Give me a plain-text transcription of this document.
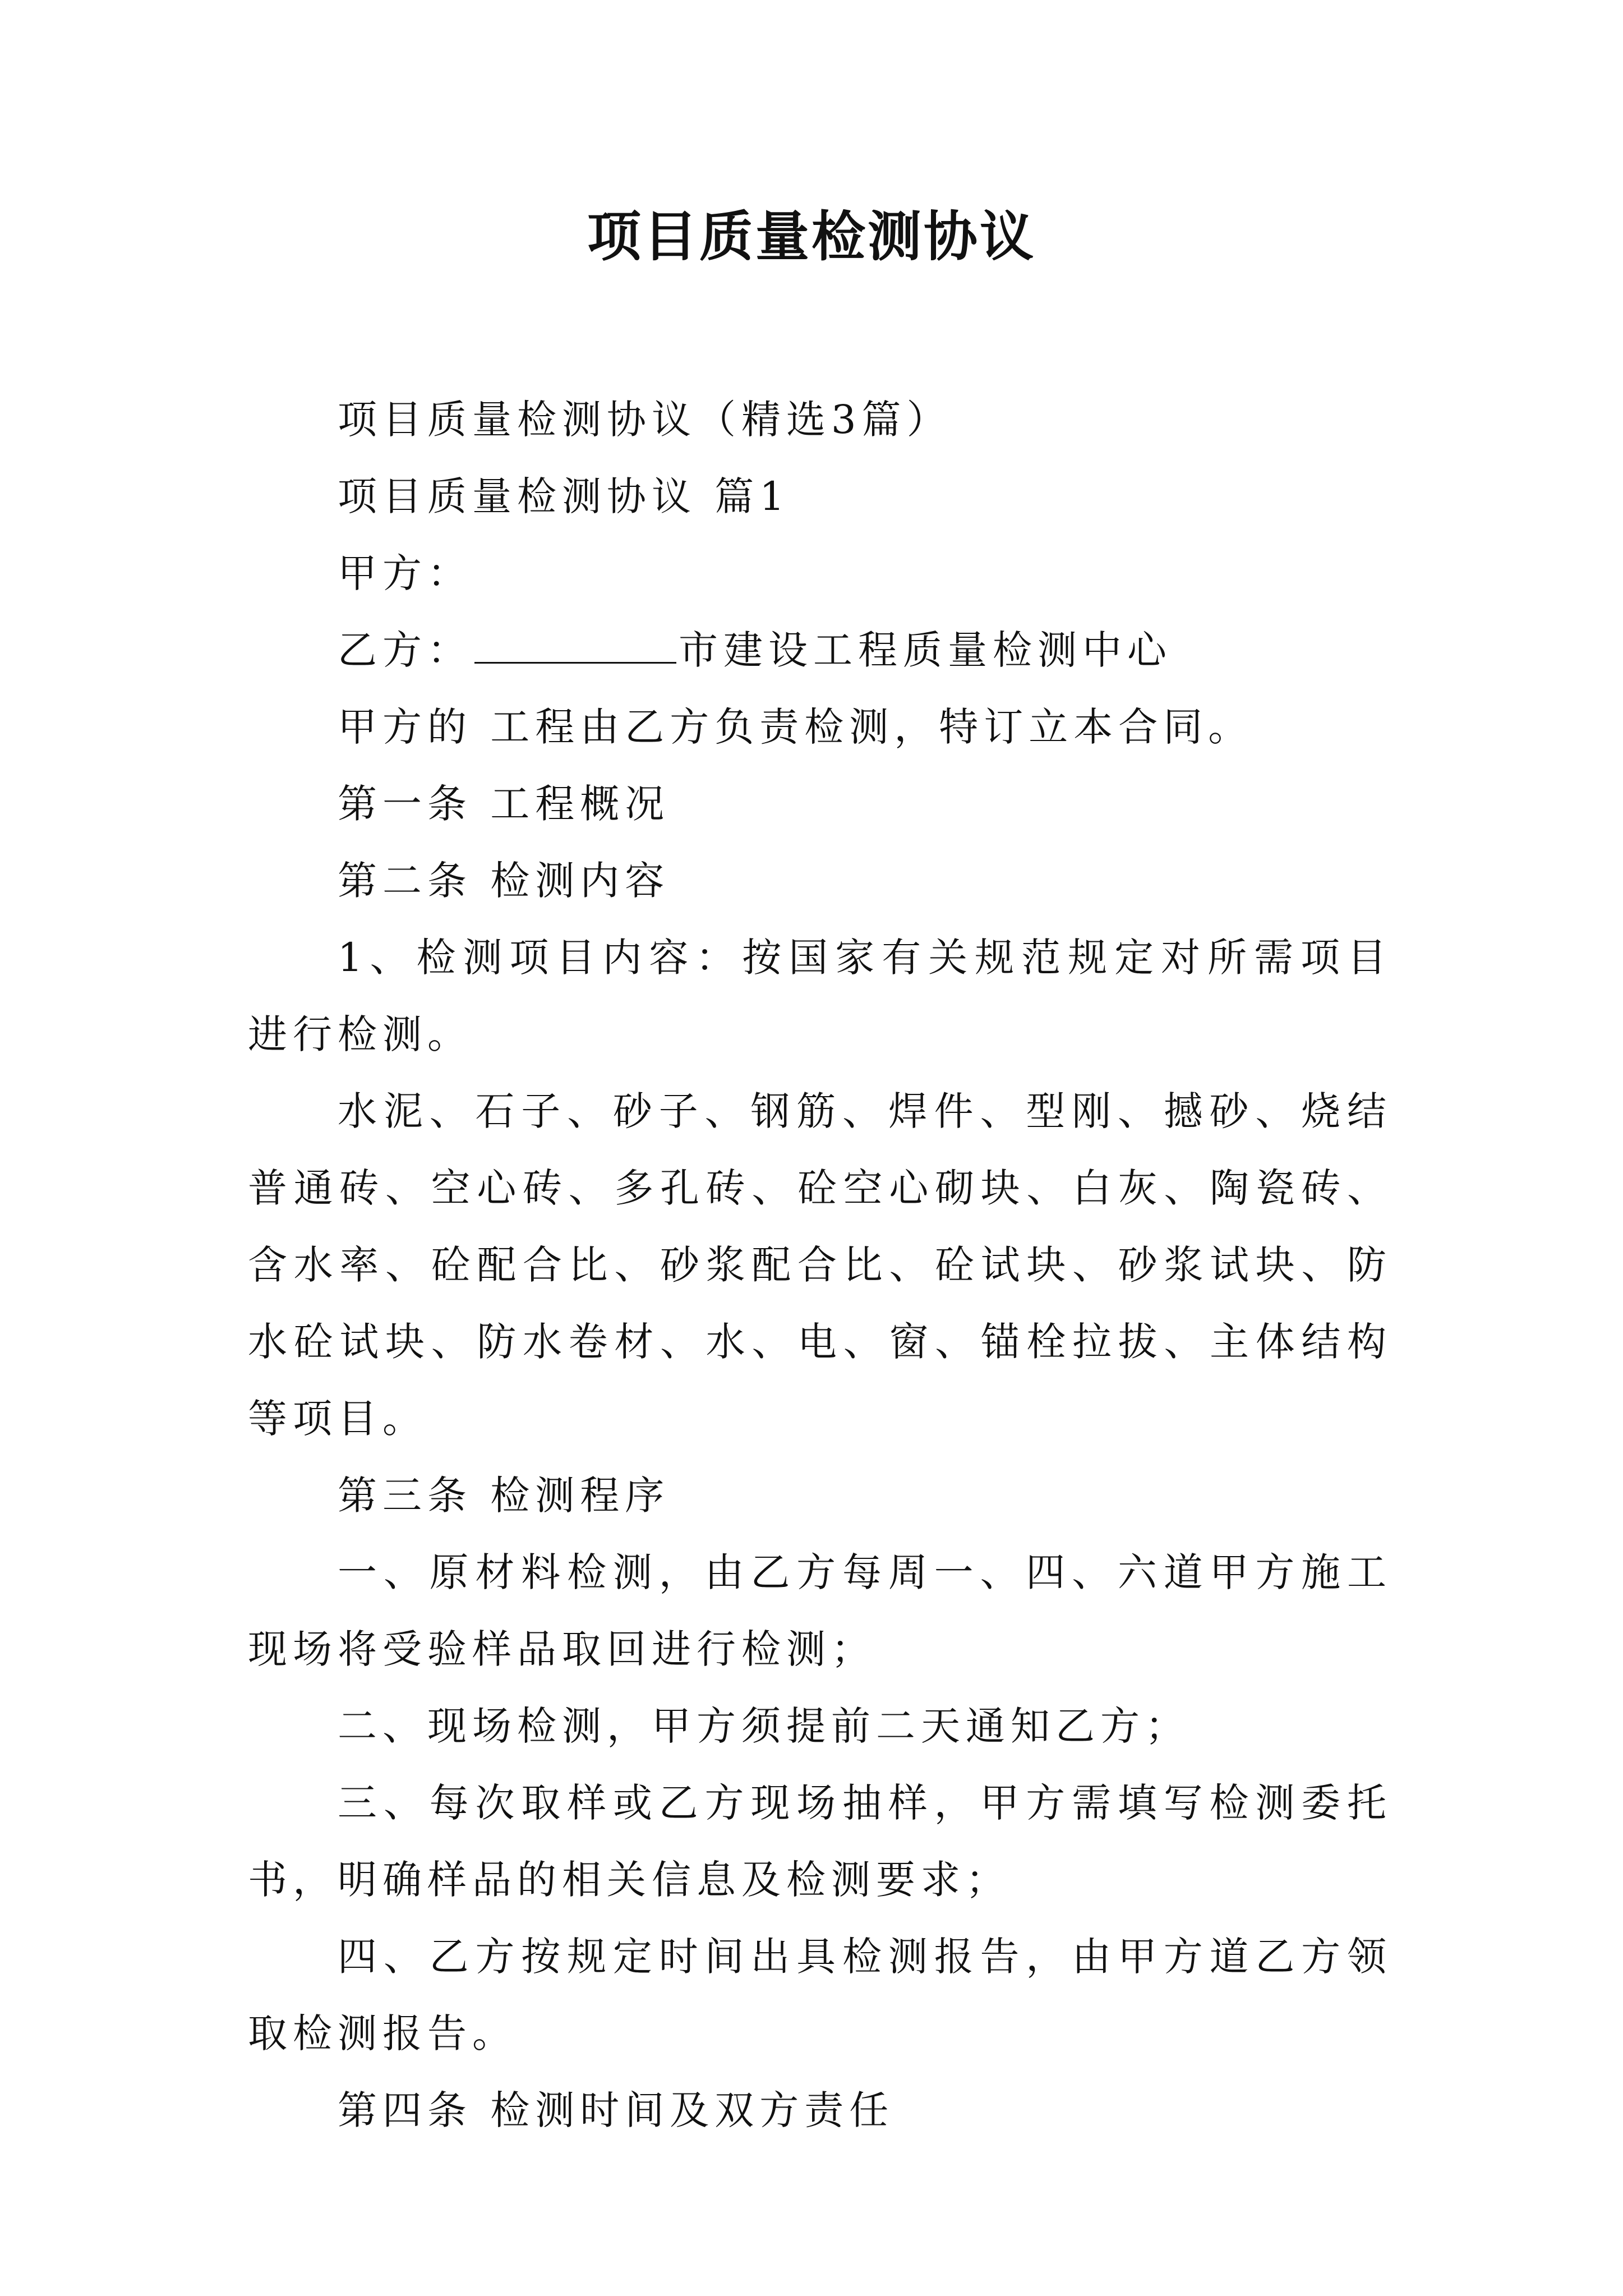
项目质量检测协议

项目质量检测协议（精选3篇）

项目质量检测协议 篇1

甲方：

乙方：	市建设工程质量检测中心

甲方的 工程由乙方负责检测，特订立本合同。

第一条 工程概况

第二条 检测内容

1、检测项目内容：按国家有关规范规定对所需项目进行检测。

水泥、石子、砂子、钢筋、焊件、型刚、撼砂、烧结普通砖、空心砖、多孔砖、砼空心砌块、白灰、陶瓷砖、含水率、砼配合比、砂浆配合比、砼试块、砂浆试块、防水砼试块、防水卷材、水、电、窗、锚栓拉拔、主体结构等项目。

第三条 检测程序

一、原材料检测，由乙方每周一、四、六道甲方施工现场将受验样品取回进行检测；

二、现场检测，甲方须提前二天通知乙方；

三、每次取样或乙方现场抽样，甲方需填写检测委托书，明确样品的相关信息及检测要求；

四、乙方按规定时间出具检测报告，由甲方道乙方领取检测报告。

第四条 检测时间及双方责任
